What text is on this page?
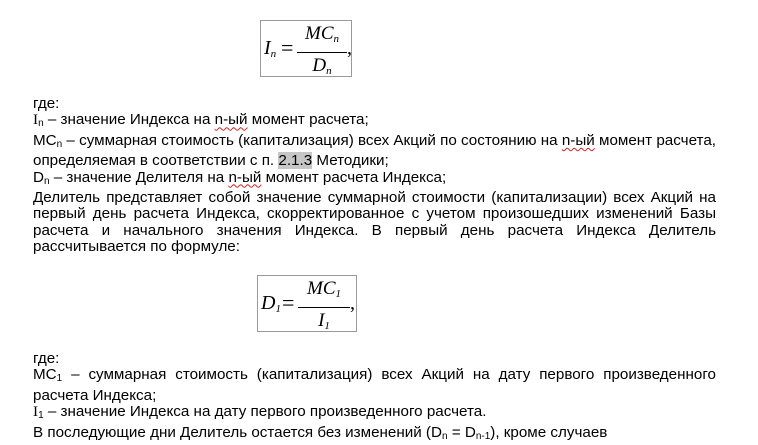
$I_n$ =
$MC_n$
$D_n$
,

где:

$I_n$ – значение Индекса на n-ый момент расчета;

$MC_n$ – суммарная стоимость (капитализация) всех Акций по состоянию на n-ый момент расчета, определяемая в соответствии с п. 2.1.3 Методики;

$D_n$ – значение Делителя на n-ый момент расчета Индекса;

Делитель представляет собой значение суммарной стоимости (капитализации) всех Акций на первый день расчета Индекса, скорректированное с учетом произошедших изменений Базы расчета и начального значения Индекса. В первый день расчета Индекса Делитель рассчитывается по формуле:

$D_1$ =
$MC_1$
$I_1$
,

где:

$MC_1$ – суммарная стоимость (капитализация) всех Акций на дату первого произведенного расчета Индекса;

$I_1$ – значение Индекса на дату первого произведенного расчета.

В последующие дни Делитель остается без изменений $(D_n = D_{n-1})$, кроме случаев
